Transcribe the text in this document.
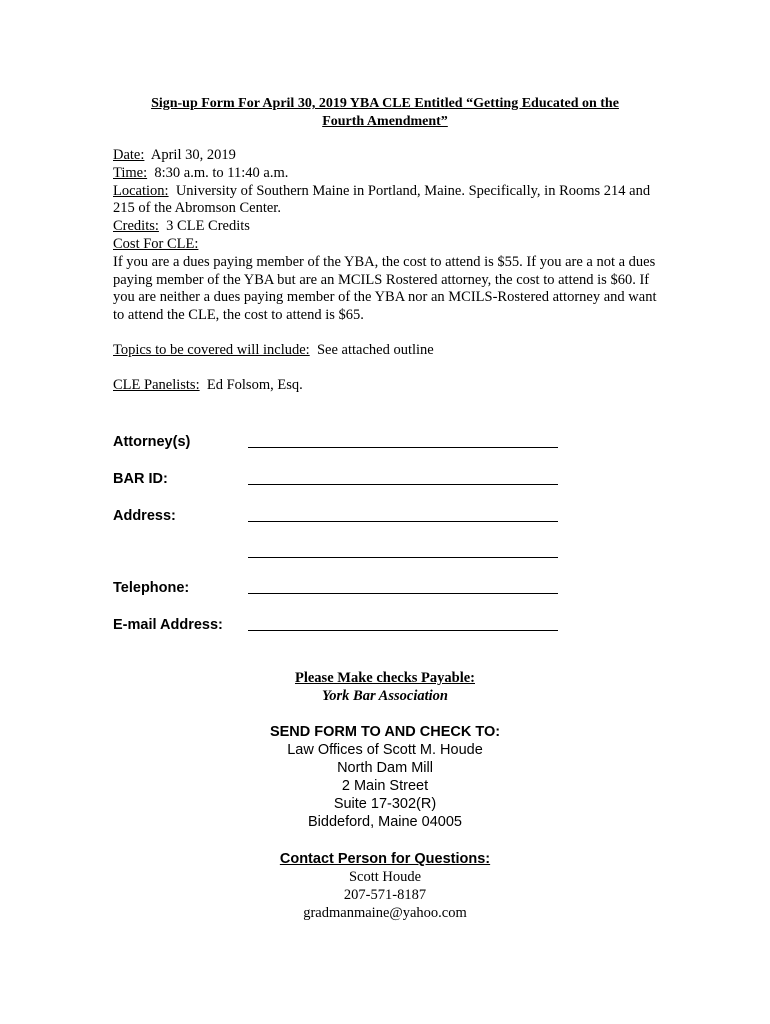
Sign-up Form For April 30, 2019 YBA CLE Entitled “Getting Educated on the
Fourth Amendment”

Date: April 30, 2019

Time: 8:30 a.m. to 11:40 a.m.

Location: University of Southern Maine in Portland, Maine. Specifically, in Rooms 214 and 215 of the Abromson Center.

Credits: 3 CLE Credits

Cost For CLE:

If you are a dues paying member of the YBA, the cost to attend is $55. If you are a not a dues paying member of the YBA but are an MCILS Rostered attorney, the cost to attend is $60. If you are neither a dues paying member of the YBA nor an MCILS-Rostered attorney and want to attend the CLE, the cost to attend is $65.

Topics to be covered will include: See attached outline

CLE Panelists: Ed Folsom, Esq.

Attorney(s)
BAR ID:
Address:
Telephone:
E-mail Address:
Please Make checks Payable:
York Bar Association
SEND FORM TO AND CHECK TO:
Law Offices of Scott M. Houde
North Dam Mill
2 Main Street
Suite 17-302(R)
Biddeford, Maine 04005
Contact Person for Questions:
Scott Houde
207-571-8187
gradmanmaine@yahoo.com
